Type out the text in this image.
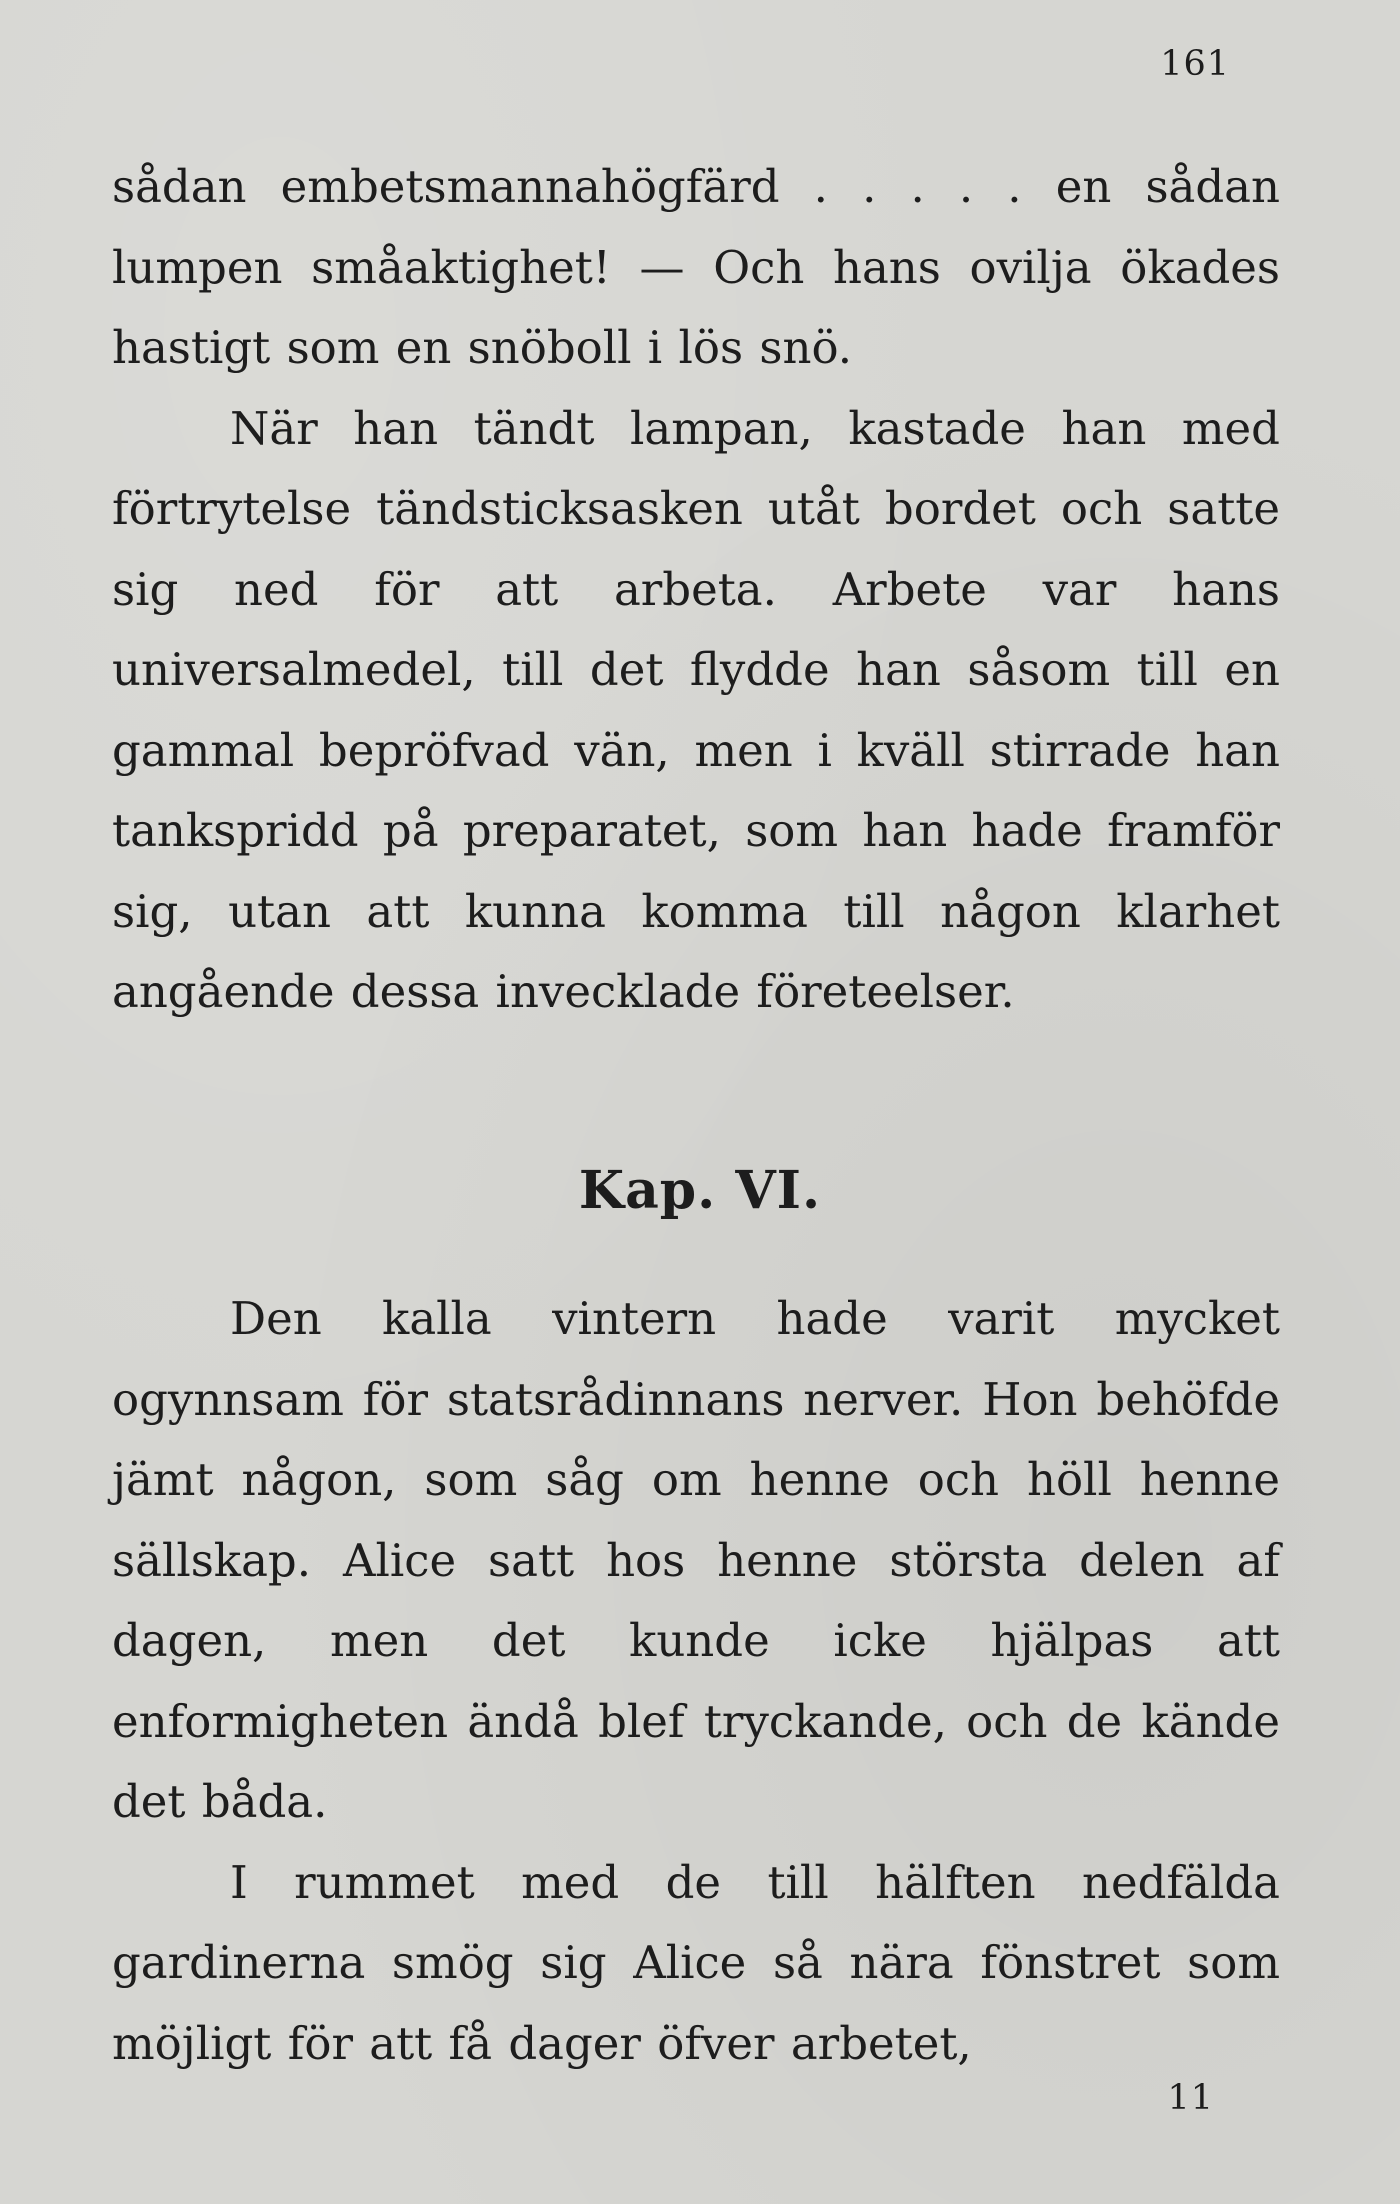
161

sådan embetsmannahögfärd . . . . . en sådan lumpen småaktighet! — Och hans ovilja ökades hastigt som en snöboll i lös snö.

När han tändt lampan, kastade han med förtrytelse tändsticksasken utåt bordet och satte sig ned för att arbeta. Arbete var hans universalmedel, till det flydde han såsom till en gammal bepröfvad vän, men i kväll stirrade han tankspridd på preparatet, som han hade framför sig, utan att kunna komma till någon klarhet angående dessa invecklade företeelser.

Kap. VI.

Den kalla vintern hade varit mycket ogynnsam för statsrådinnans nerver. Hon behöfde jämt någon, som såg om henne och höll henne sällskap. Alice satt hos henne största delen af dagen, men det kunde icke hjälpas att enformigheten ändå blef tryckande, och de kände det båda.

I rummet med de till hälften nedfälda gardinerna smög sig Alice så nära fönstret som möjligt för att få dager öfver arbetet,

11
